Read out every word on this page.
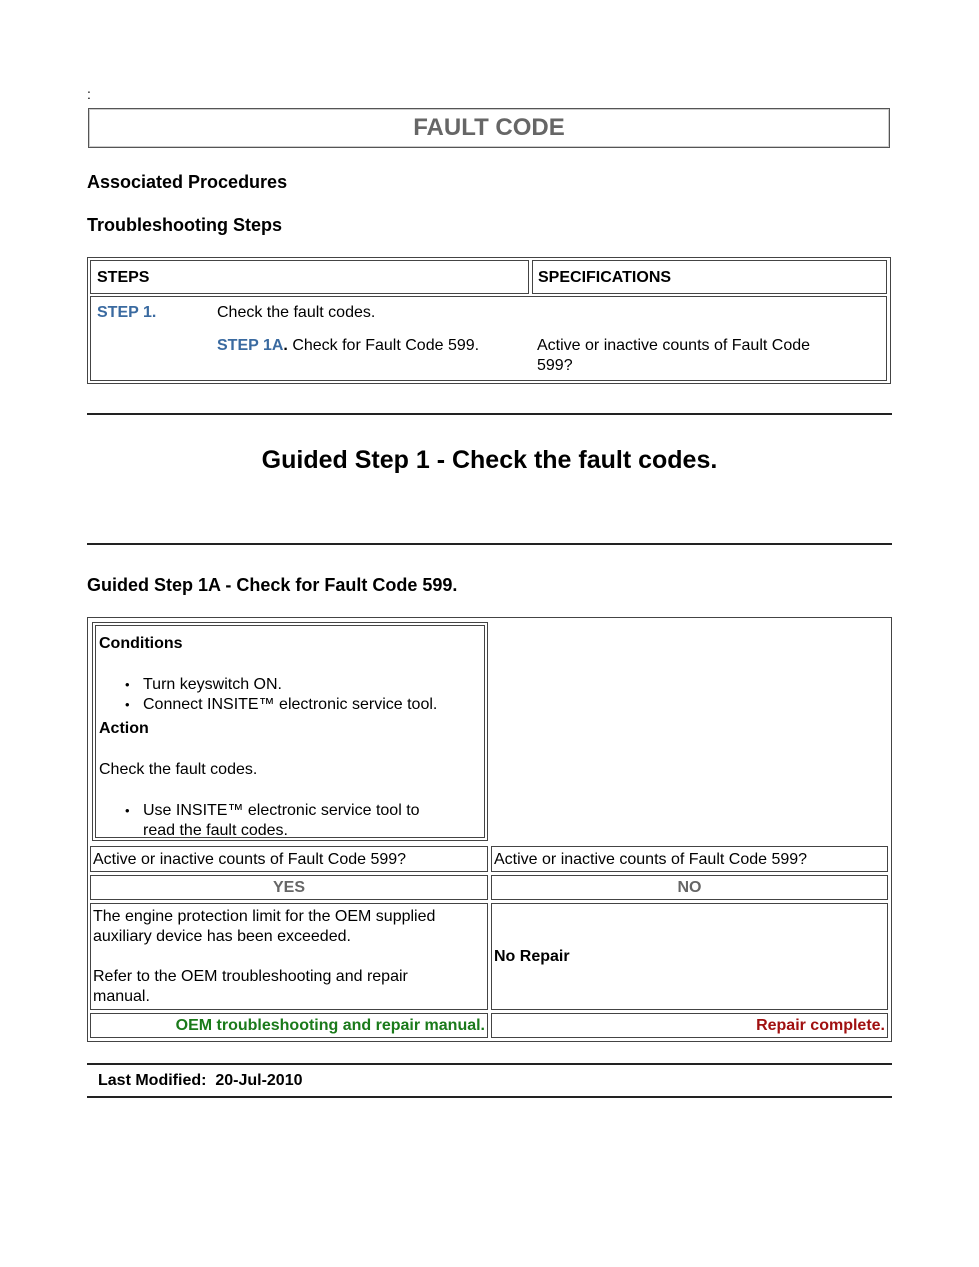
:
FAULT CODE
Associated Procedures
Troubleshooting Steps
STEPS	SPECIFICATIONS
STEP 1.	Check the fault codes.
STEP 1A. Check for Fault Code 599.	Active or inactive counts of Fault Code
599?
Guided Step 1 - Check the fault codes.
Guided Step 1A - Check for Fault Code 599.
Conditions
• Turn keyswitch ON.
• Connect INSITE™ electronic service tool.
Action
Check the fault codes.
• Use INSITE™ electronic service tool to
read the fault codes.
Active or inactive counts of Fault Code 599?	Active or inactive counts of Fault Code 599?
YES	NO
The engine protection limit for the OEM supplied
auxiliary device has been exceeded.
Refer to the OEM troubleshooting and repair
manual.
No Repair
OEM troubleshooting and repair manual.	Repair complete.
Last Modified: 20-Jul-2010
